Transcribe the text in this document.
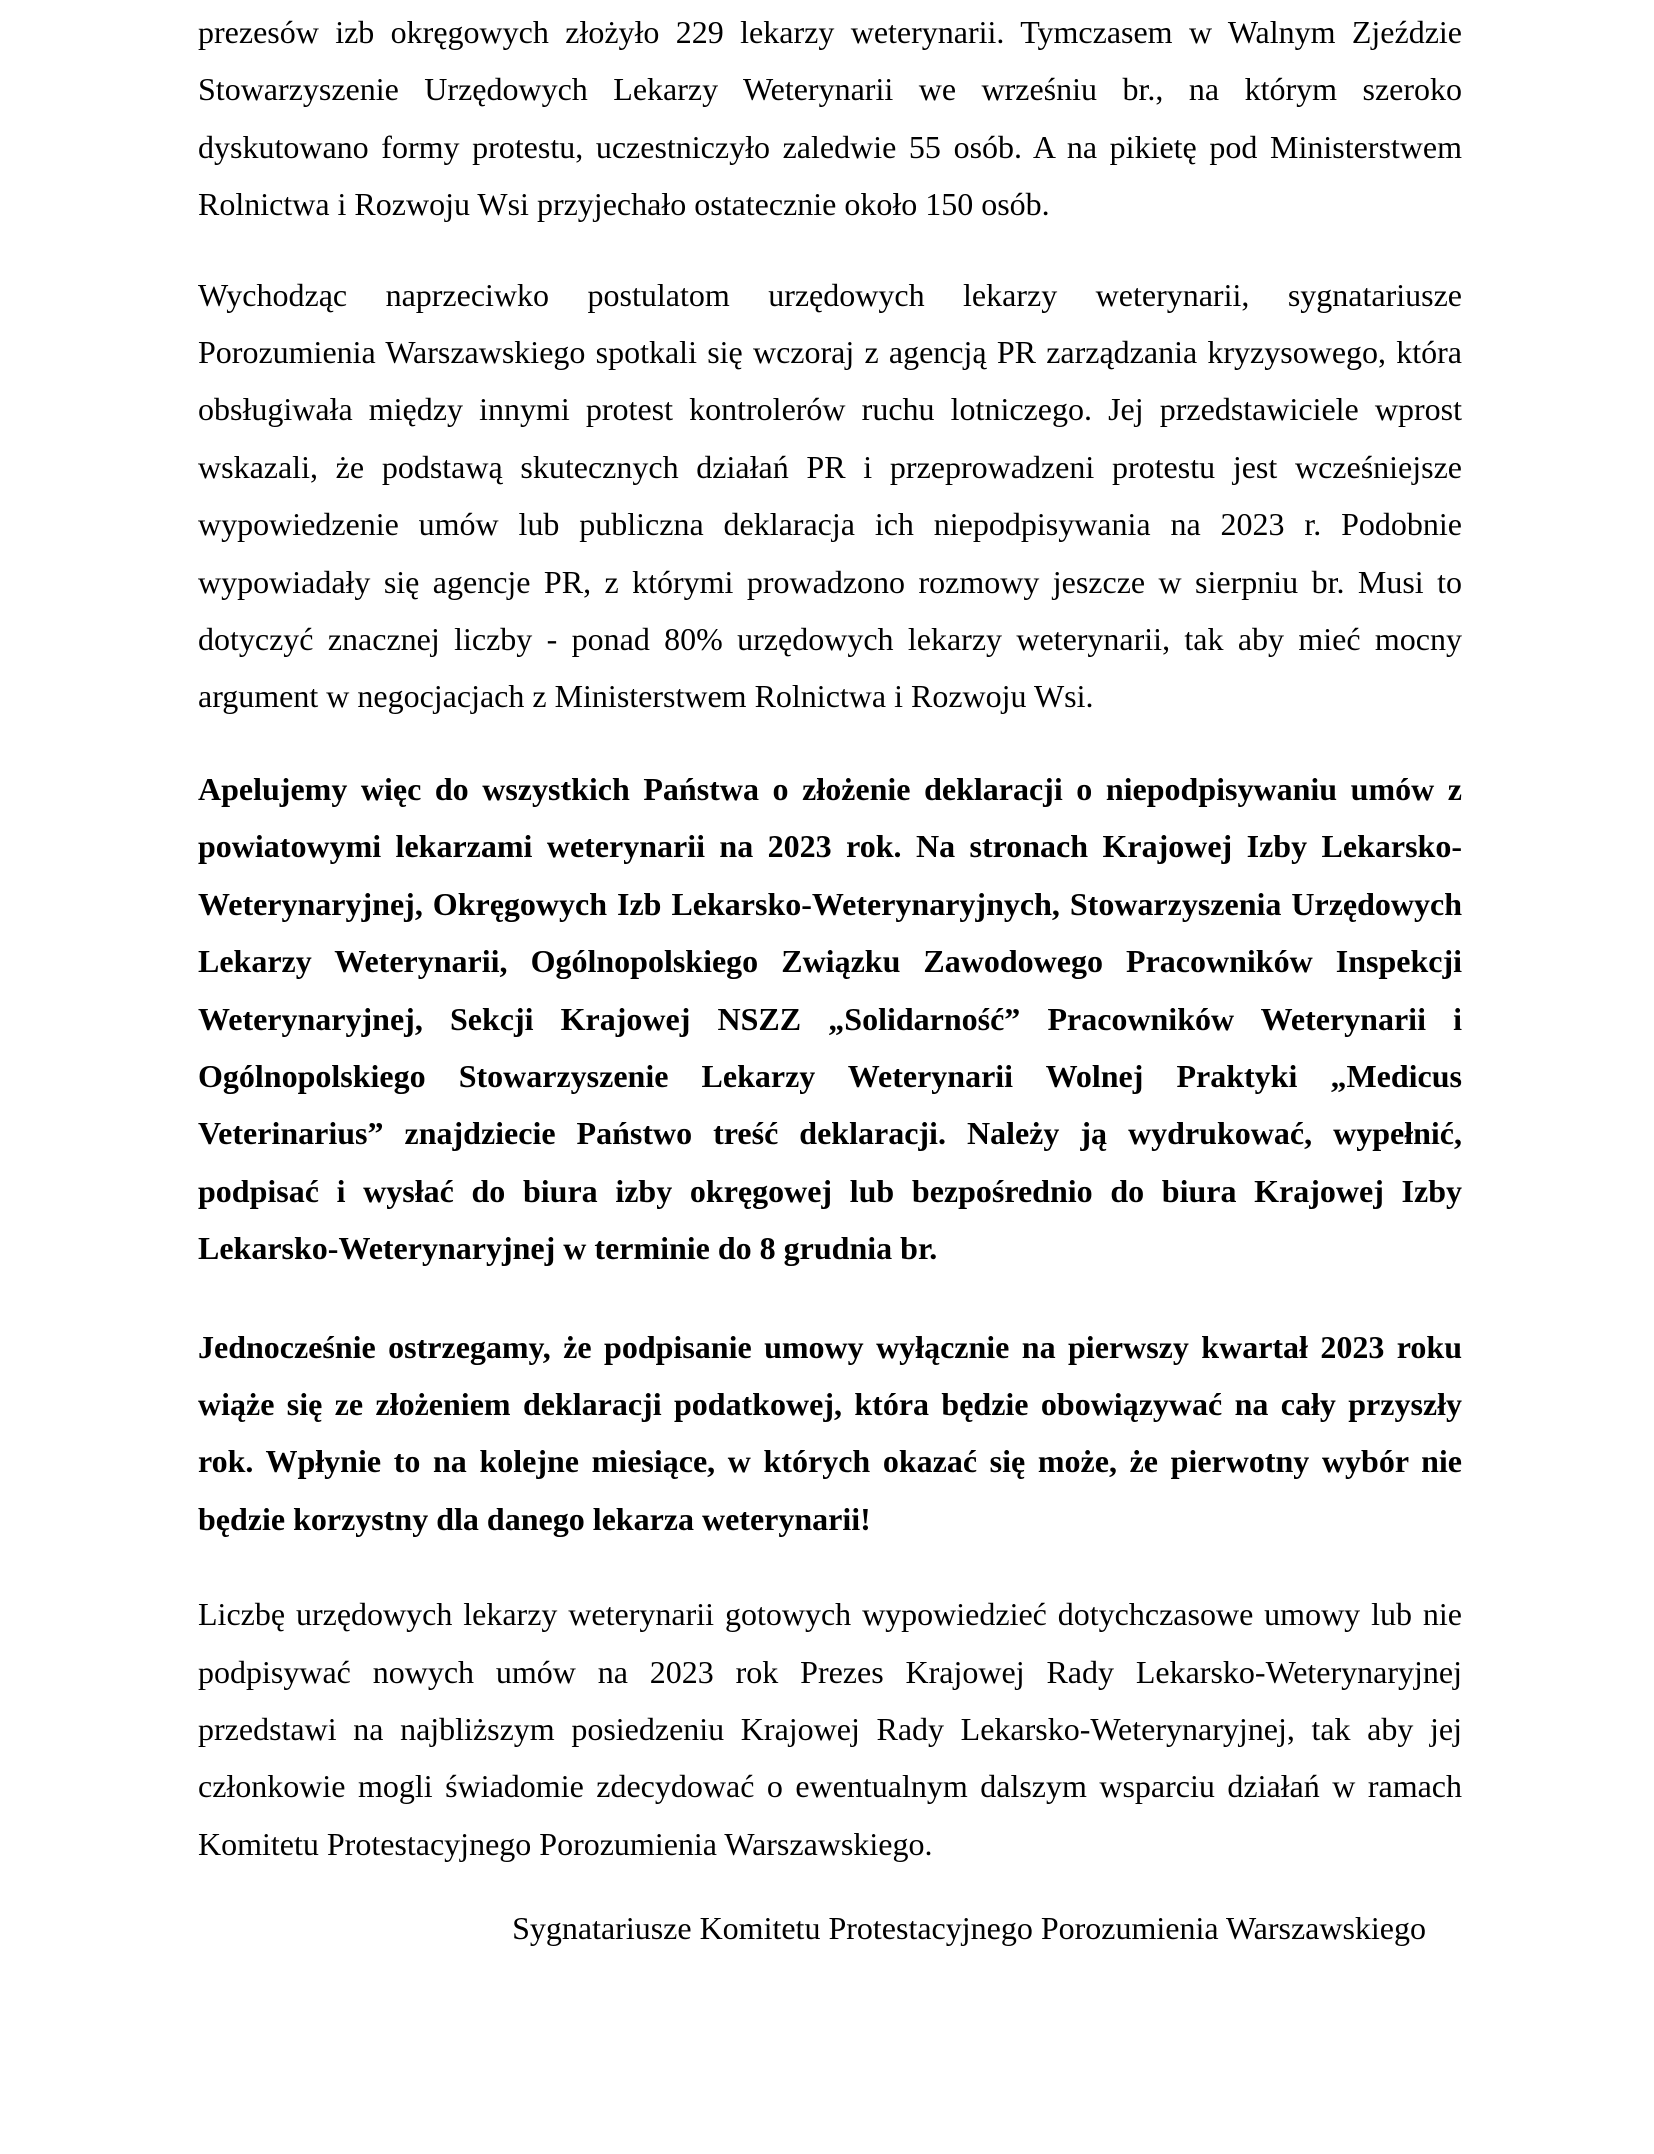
prezesów izb okręgowych złożyło 229 lekarzy weterynarii. Tymczasem w Walnym Zjeździe Stowarzyszenie Urzędowych Lekarzy Weterynarii we wrześniu br., na którym szeroko dyskutowano formy protestu, uczestniczyło zaledwie 55 osób. A na pikietę pod Ministerstwem Rolnictwa i Rozwoju Wsi przyjechało ostatecznie około 150 osób.

Wychodząc naprzeciwko postulatom urzędowych lekarzy weterynarii, sygnatariusze Porozumienia Warszawskiego spotkali się wczoraj z agencją PR zarządzania kryzysowego, która obsługiwała między innymi protest kontrolerów ruchu lotniczego. Jej przedstawiciele wprost wskazali, że podstawą skutecznych działań PR i przeprowadzeni protestu jest wcześniejsze wypowiedzenie umów lub publiczna deklaracja ich niepodpisywania na 2023 r. Podobnie wypowiadały się agencje PR, z którymi prowadzono rozmowy jeszcze w sierpniu br. Musi to dotyczyć znacznej liczby - ponad 80% urzędowych lekarzy weterynarii, tak aby mieć mocny argument w negocjacjach z Ministerstwem Rolnictwa i Rozwoju Wsi.

Apelujemy więc do wszystkich Państwa o złożenie deklaracji o niepodpisywaniu umów z powiatowymi lekarzami weterynarii na 2023 rok. Na stronach Krajowej Izby Lekarsko-Weterynaryjnej, Okręgowych Izb Lekarsko-Weterynaryjnych, Stowarzyszenia Urzędowych Lekarzy Weterynarii, Ogólnopolskiego Związku Zawodowego Pracowników Inspekcji Weterynaryjnej, Sekcji Krajowej NSZZ „Solidarność” Pracowników Weterynarii i Ogólnopolskiego Stowarzyszenie Lekarzy Weterynarii Wolnej Praktyki „Medicus Veterinarius” znajdziecie Państwo treść deklaracji. Należy ją wydrukować, wypełnić, podpisać i wysłać do biura izby okręgowej lub bezpośrednio do biura Krajowej Izby Lekarsko-Weterynaryjnej w terminie do 8 grudnia br.

Jednocześnie ostrzegamy, że podpisanie umowy wyłącznie na pierwszy kwartał 2023 roku wiąże się ze złożeniem deklaracji podatkowej, która będzie obowiązywać na cały przyszły rok. Wpłynie to na kolejne miesiące, w których okazać się może, że pierwotny wybór nie będzie korzystny dla danego lekarza weterynarii!

Liczbę urzędowych lekarzy weterynarii gotowych wypowiedzieć dotychczasowe umowy lub nie podpisywać nowych umów na 2023 rok Prezes Krajowej Rady Lekarsko-Weterynaryjnej przedstawi na najbliższym posiedzeniu Krajowej Rady Lekarsko-Weterynaryjnej, tak aby jej członkowie mogli świadomie zdecydować o ewentualnym dalszym wsparciu działań w ramach Komitetu Protestacyjnego Porozumienia Warszawskiego.

Sygnatariusze Komitetu Protestacyjnego Porozumienia Warszawskiego
